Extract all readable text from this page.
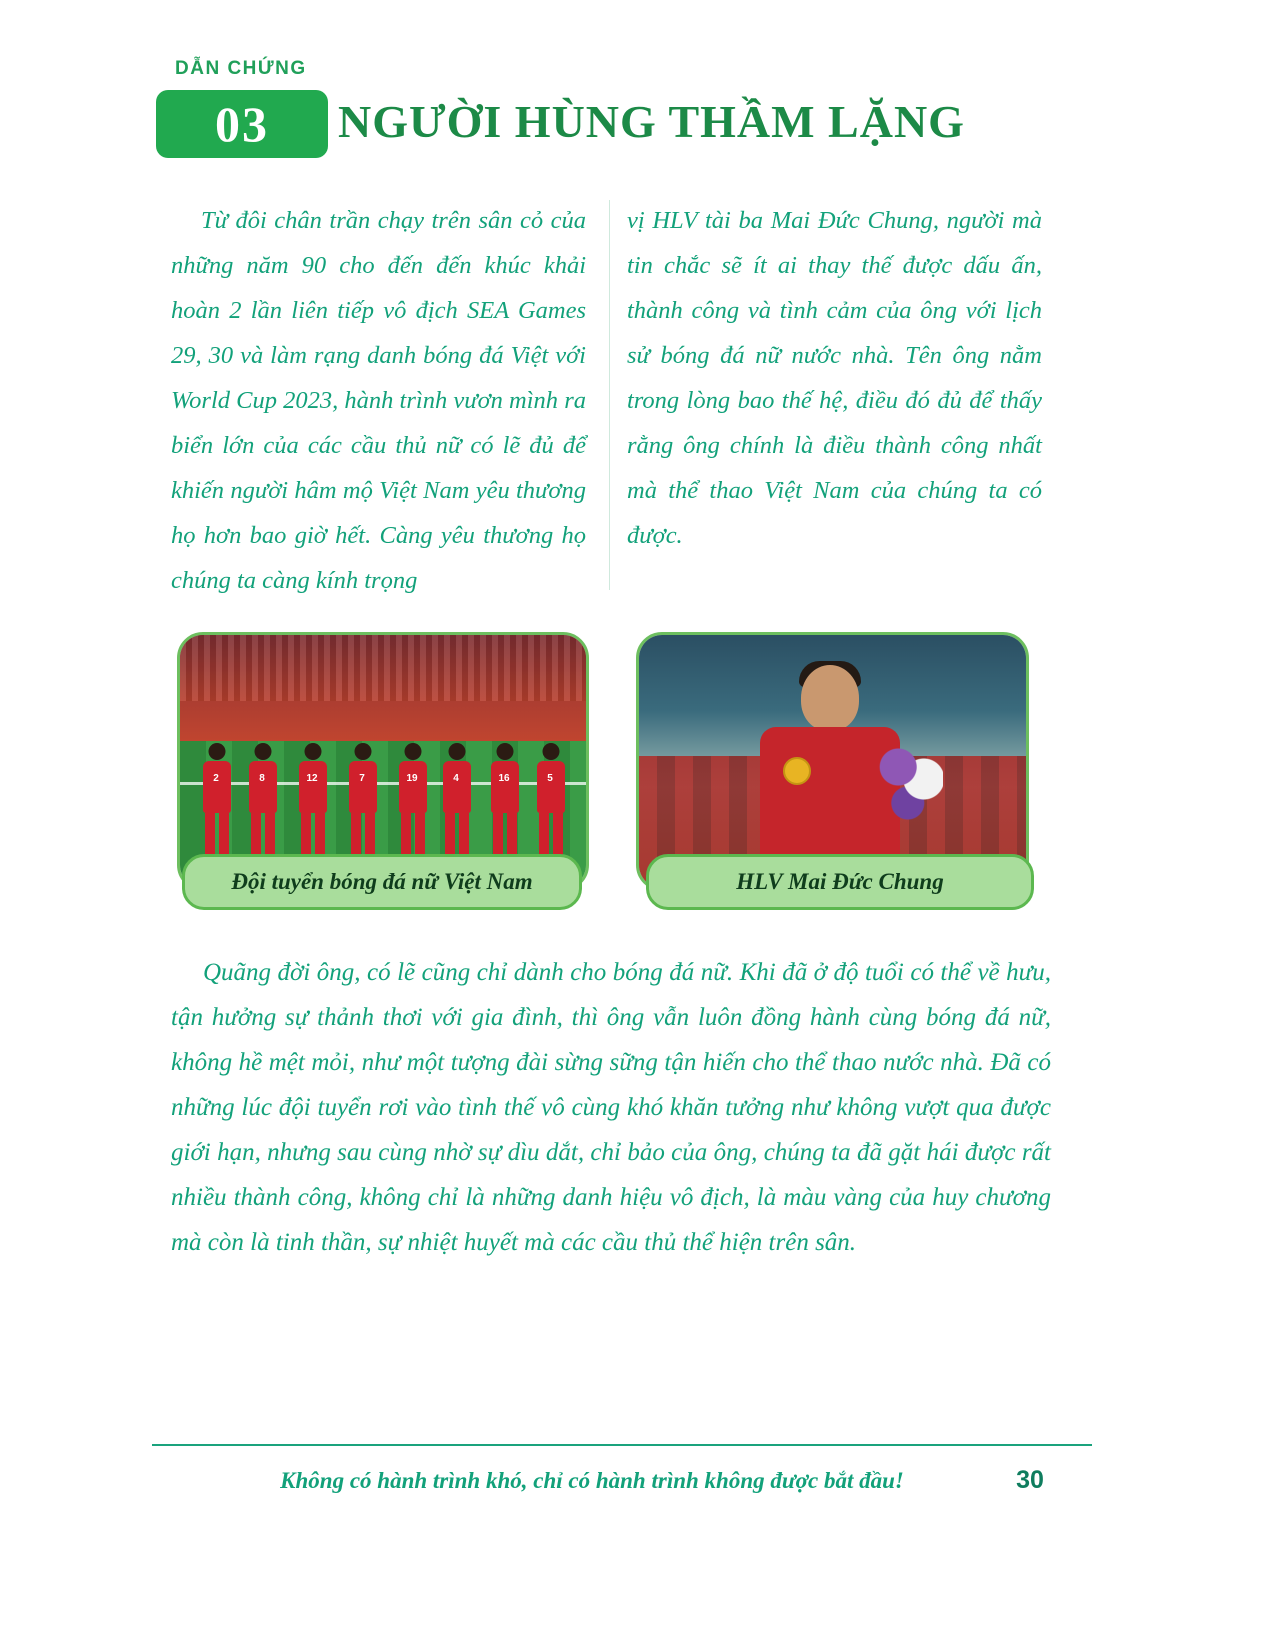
DẪN CHỨNG
03	NGƯỜI HÙNG THẦM LẶNG

Từ đôi chân trần chạy trên sân cỏ của những năm 90 cho đến đến khúc khải hoàn 2 lần liên tiếp vô địch SEA Games 29, 30 và làm rạng danh bóng đá Việt với World Cup 2023, hành trình vươn mình ra biển lớn của các cầu thủ nữ có lẽ đủ để khiến người hâm mộ Việt Nam yêu thương họ hơn bao giờ hết. Càng yêu thương họ chúng ta càng kính trọng

vị HLV tài ba Mai Đức Chung, người mà tin chắc sẽ ít ai thay thế được dấu ấn, thành công và tình cảm của ông với lịch sử bóng đá nữ nước nhà. Tên ông nằm trong lòng bao thế hệ, điều đó đủ để thấy rằng ông chính là điều thành công nhất mà thể thao Việt Nam của chúng ta có được.

2	8	12	7	19	4	16	5
Đội tuyển bóng đá nữ Việt Nam	HLV Mai Đức Chung

Quãng đời ông, có lẽ cũng chỉ dành cho bóng đá nữ. Khi đã ở độ tuổi có thể về hưu, tận hưởng sự thảnh thơi với gia đình, thì ông vẫn luôn đồng hành cùng bóng đá nữ, không hề mệt mỏi, như một tượng đài sừng sững tận hiến cho thể thao nước nhà. Đã có những lúc đội tuyển rơi vào tình thế vô cùng khó khăn tưởng như không vượt qua được giới hạn, nhưng sau cùng nhờ sự dìu dắt, chỉ bảo của ông, chúng ta đã gặt hái được rất nhiều thành công, không chỉ là những danh hiệu vô địch, là màu vàng của huy chương mà còn là tinh thần, sự nhiệt huyết mà các cầu thủ thể hiện trên sân.

Không có hành trình khó, chỉ có hành trình không được bắt đầu!	30
